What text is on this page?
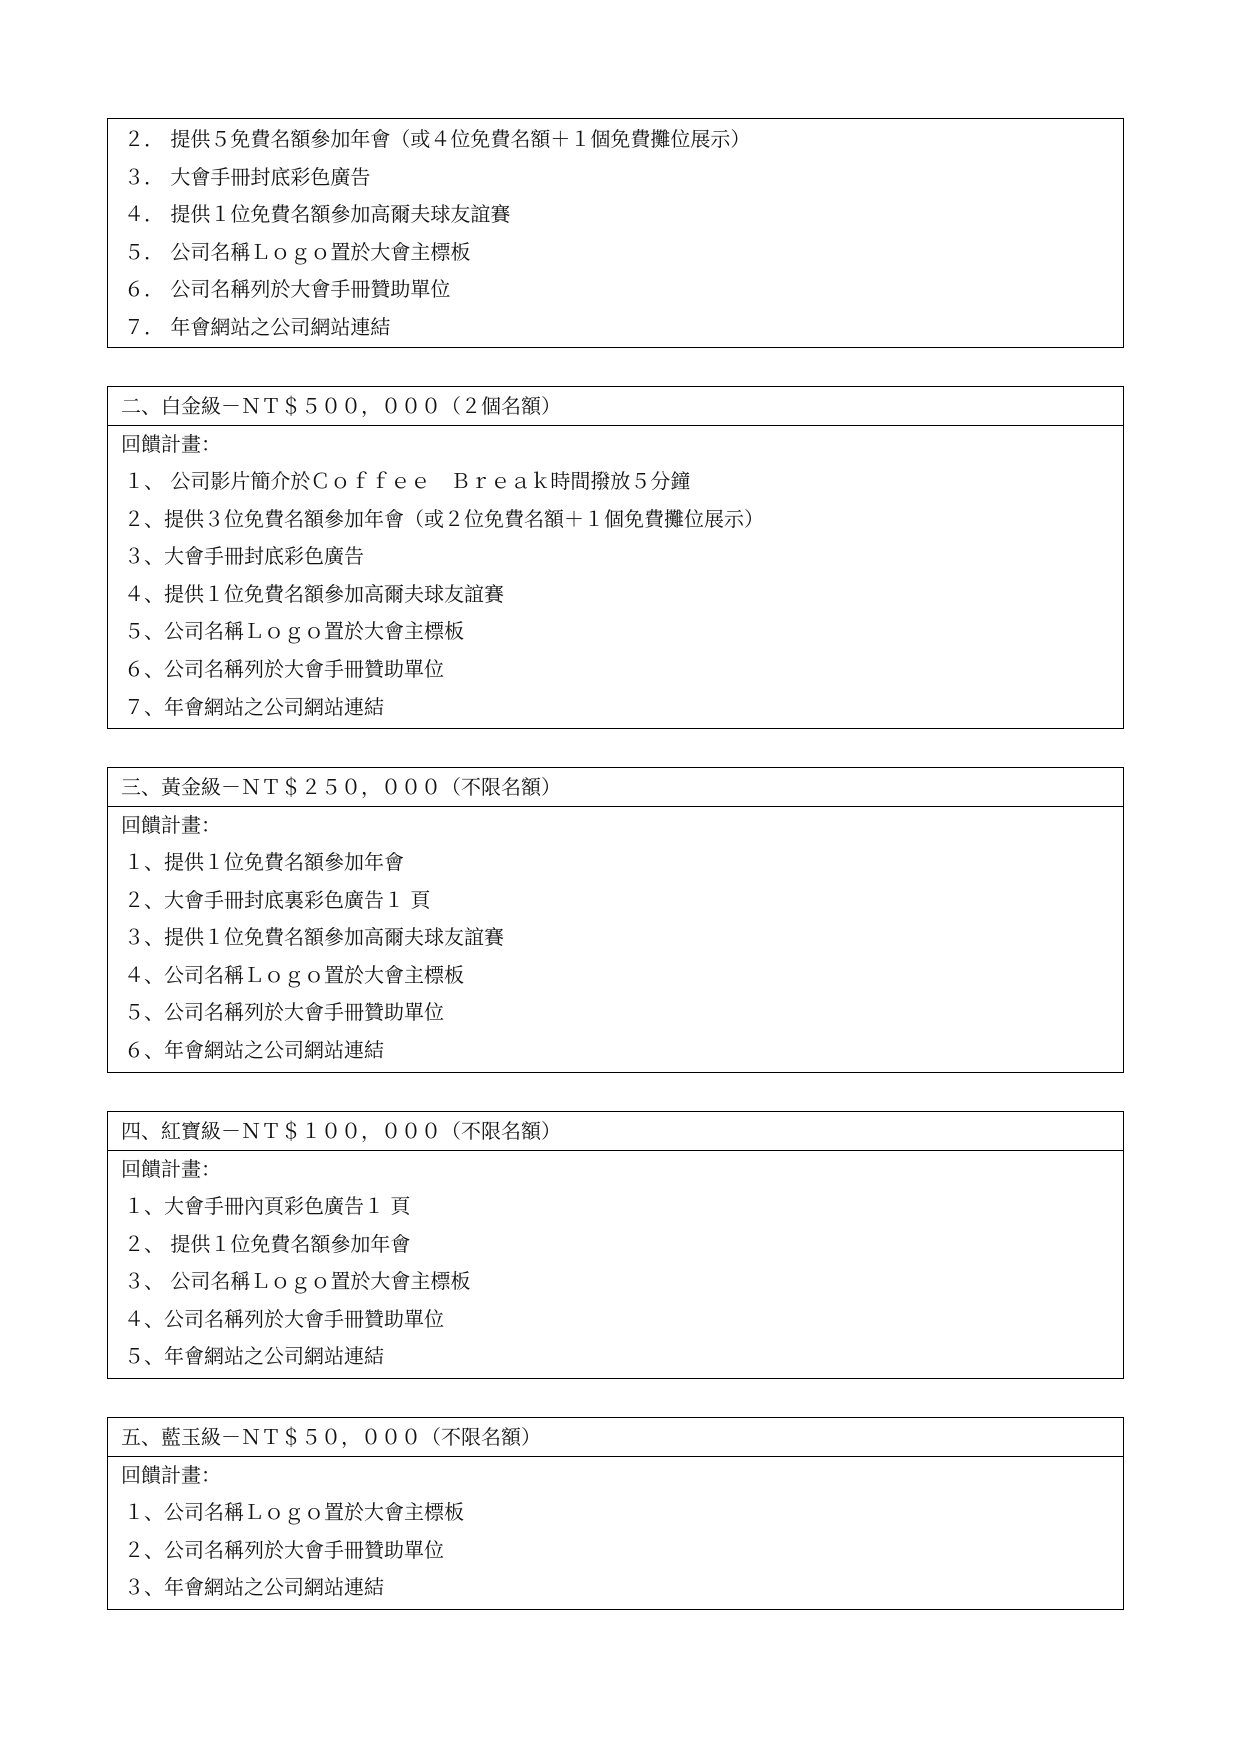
２． 提供５免費名額參加年會（或４位免費名額＋１個免費攤位展示）
３． 大會手冊封底彩色廣告
４． 提供１位免費名額參加高爾夫球友誼賽
５． 公司名稱Ｌｏｇｏ置於大會主標板
６． 公司名稱列於大會手冊贊助單位
７． 年會網站之公司網站連結
二、白金級－ＮＴ＄５００，０００（２個名額）
回饋計畫：
１、 公司影片簡介於Ｃｏｆｆｅｅ　Ｂｒｅａｋ時間撥放５分鐘
２、提供３位免費名額參加年會（或２位免費名額＋１個免費攤位展示）
３、大會手冊封底彩色廣告
４、提供１位免費名額參加高爾夫球友誼賽
５、公司名稱Ｌｏｇｏ置於大會主標板
６、公司名稱列於大會手冊贊助單位
７、年會網站之公司網站連結
三、黃金級－ＮＴ＄２５０，０００（不限名額）
回饋計畫：
１、提供１位免費名額參加年會
２、大會手冊封底裏彩色廣告１ 頁
３、提供１位免費名額參加高爾夫球友誼賽
４、公司名稱Ｌｏｇｏ置於大會主標板
５、公司名稱列於大會手冊贊助單位
６、年會網站之公司網站連結
四、紅寶級－ＮＴ＄１００，０００（不限名額）
回饋計畫：
１、大會手冊內頁彩色廣告１ 頁
２、 提供１位免費名額參加年會
３、 公司名稱Ｌｏｇｏ置於大會主標板
４、公司名稱列於大會手冊贊助單位
５、年會網站之公司網站連結
五、藍玉級－ＮＴ＄５０，０００（不限名額）
回饋計畫：
１、公司名稱Ｌｏｇｏ置於大會主標板
２、公司名稱列於大會手冊贊助單位
３、年會網站之公司網站連結
